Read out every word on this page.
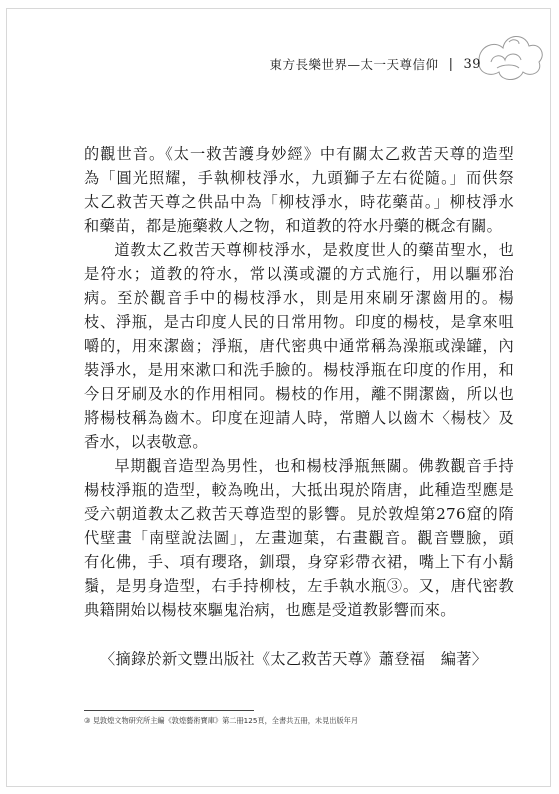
東方長樂世界—太一天尊信仰 | 39

的觀世音。《太一救苦護身妙經》中有關太乙救苦天尊的造型

為「圓光照耀，手執柳枝淨水，九頭獅子左右從隨。」而供祭

太乙救苦天尊之供品中為「柳枝淨水，時花藥苗。」柳枝淨水

和藥苗，都是施藥救人之物，和道教的符水丹藥的概念有關。

道教太乙救苦天尊柳枝淨水，是救度世人的藥苗聖水，也

是符水；道教的符水，常以漢或灑的方式施行，用以驅邪治

病。至於觀音手中的楊枝淨水，則是用來刷牙潔齒用的。楊

枝、淨瓶，是古印度人民的日常用物。印度的楊枝，是拿來咀

嚼的，用來潔齒；淨瓶，唐代密典中通常稱為澡瓶或澡罐，內

裝淨水，是用來漱口和洗手臉的。楊枝淨瓶在印度的作用，和

今日牙刷及水的作用相同。楊枝的作用，離不開潔齒，所以也

將楊枝稱為齒木。印度在迎請人時，常贈人以齒木〈楊枝〉及

香水，以表敬意。

早期觀音造型為男性，也和楊枝淨瓶無關。佛教觀音手持

楊枝淨瓶的造型，較為晚出，大抵出現於隋唐，此種造型應是

受六朝道教太乙救苦天尊造型的影響。見於敦煌第276窟的隋

代壁畫「南壁說法圖」，左畫迦葉，右畫觀音。觀音豐臉，頭

有化佛，手、項有瓔珞，釧環，身穿彩帶衣裙，嘴上下有小鬍

鬚，是男身造型，右手持柳枝，左手執水瓶③。又，唐代密教

典籍開始以楊枝來驅鬼治病，也應是受道教影響而來。

〈摘錄於新文豐出版社《太乙救苦天尊》蕭登福　編著〉
③ 見敦煌文物研究所主編《敦煌藝術寶庫》第二冊125頁，全書共五冊，未見出版年月
